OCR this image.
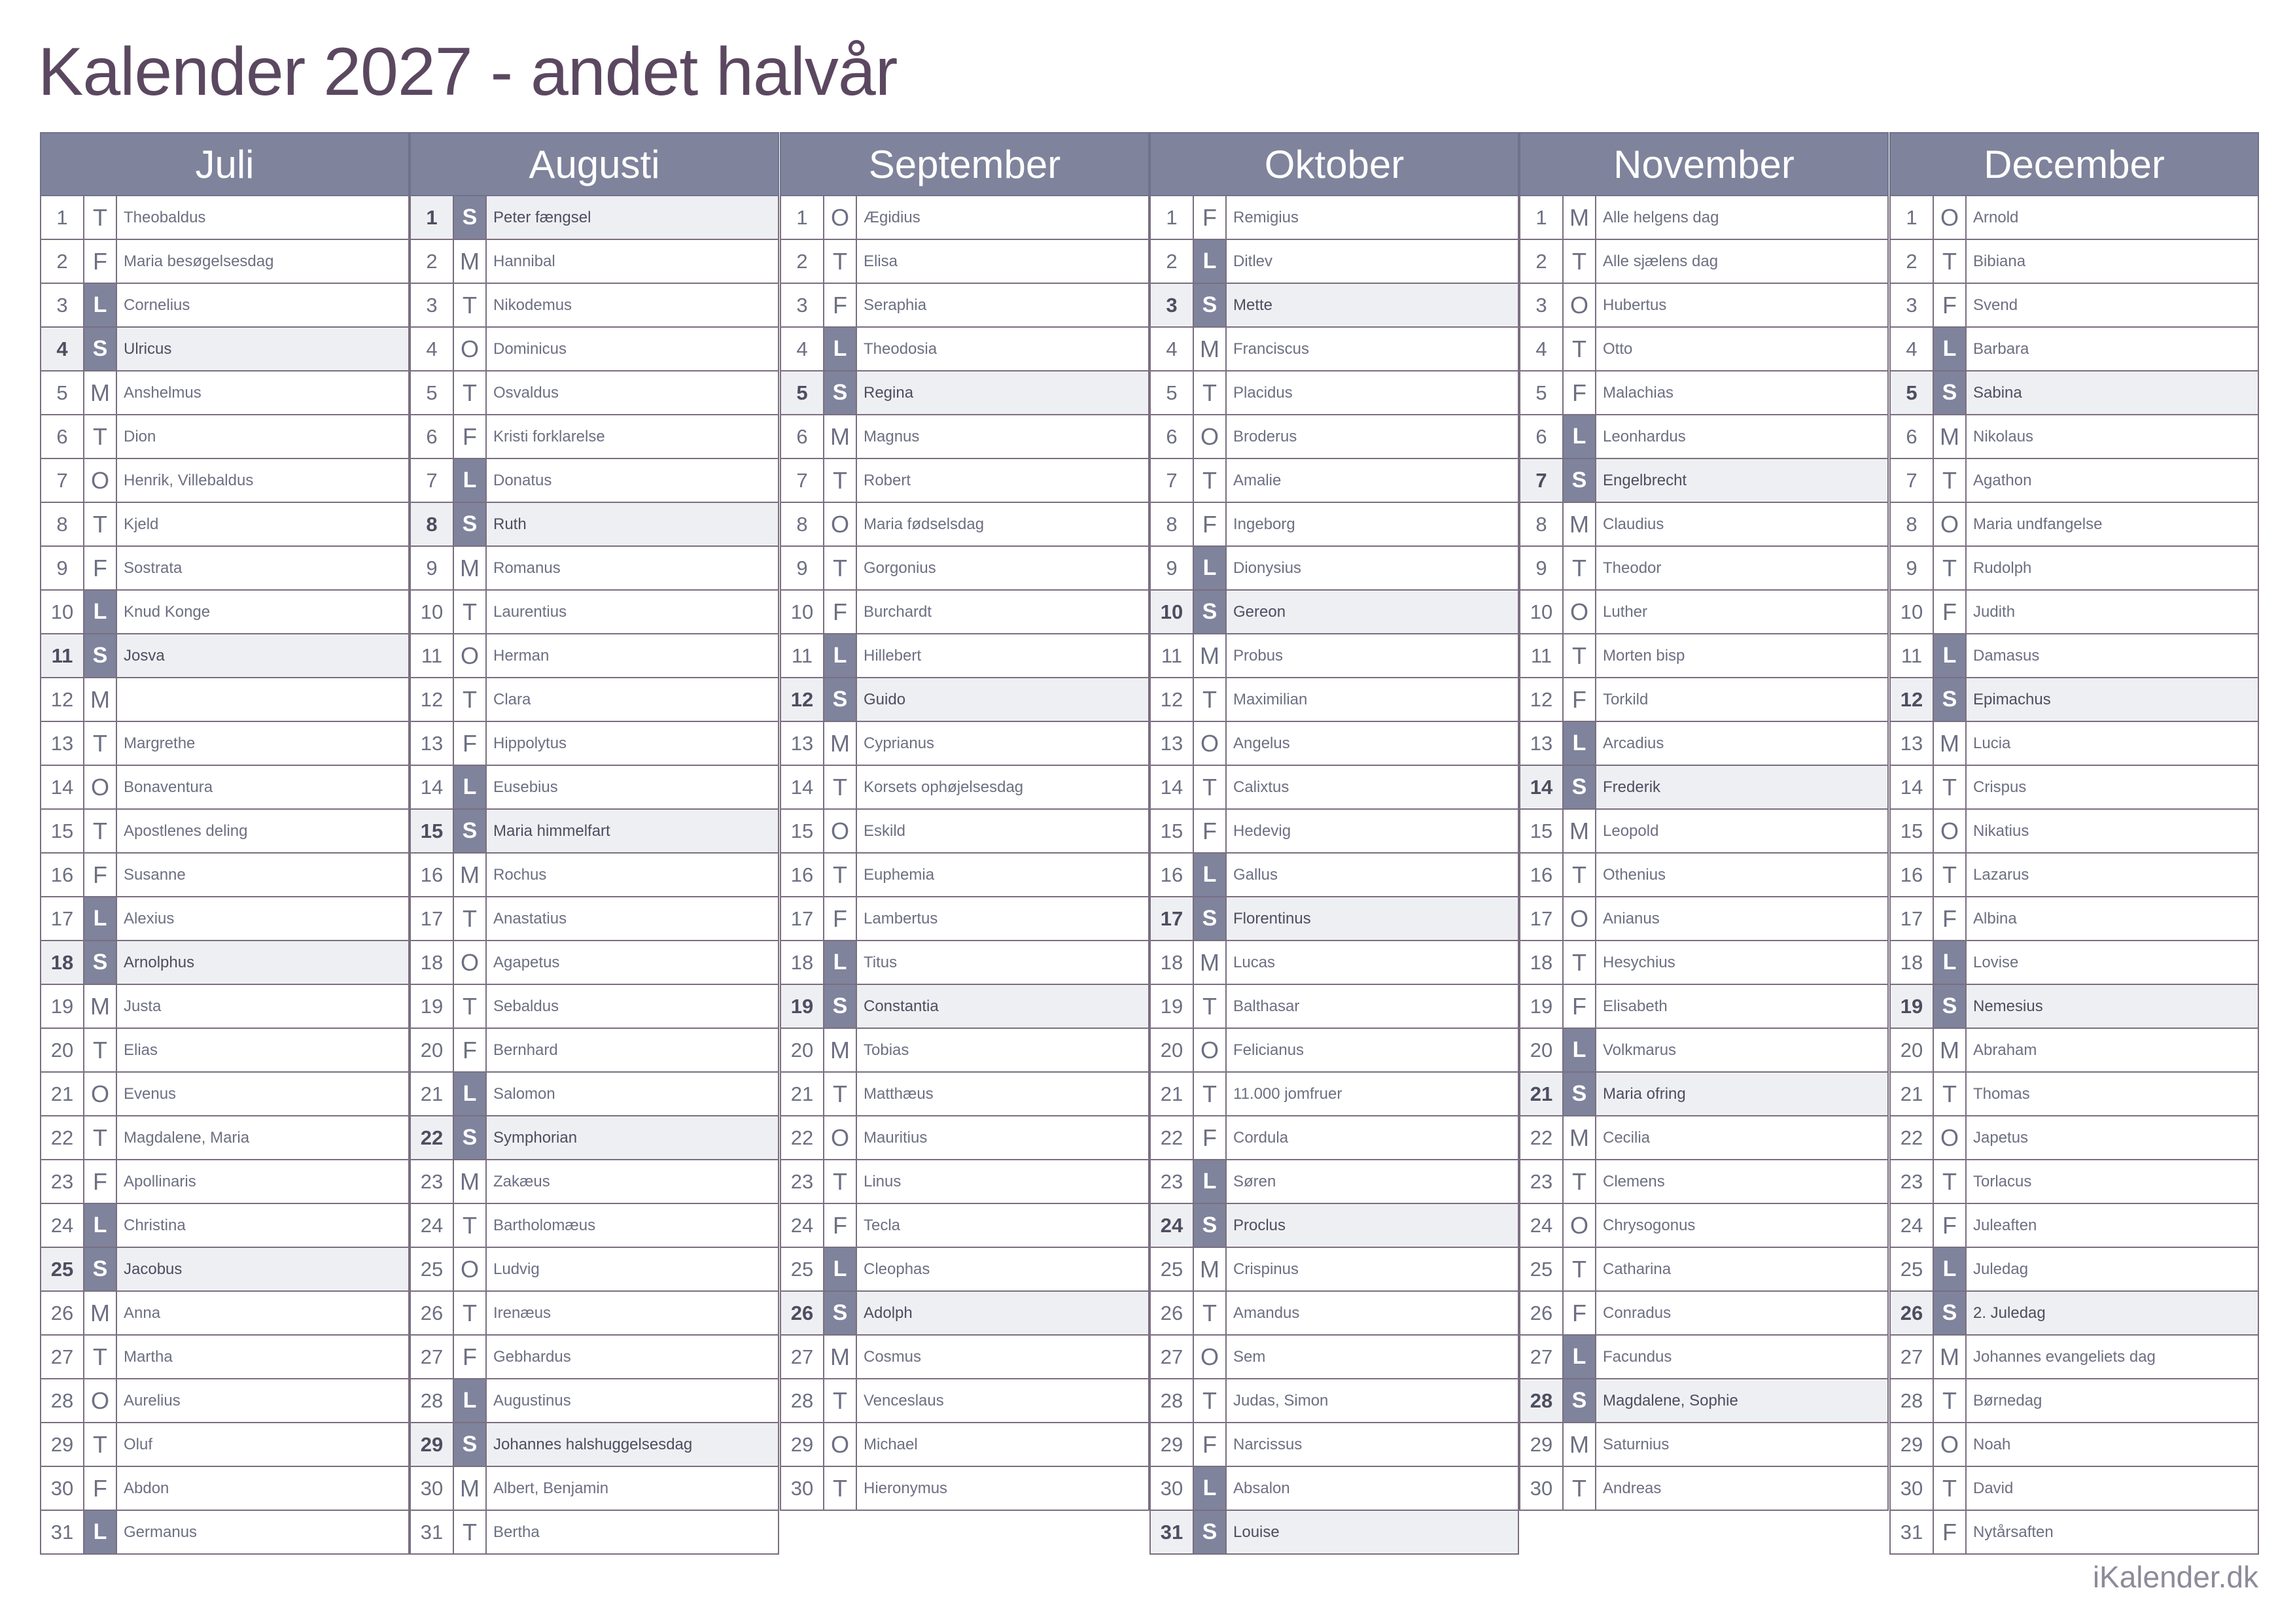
Kalender 2027 - andet halvår
Juli
1	T	Theobaldus
2	F	Maria besøgelsesdag
3	L	Cornelius
4	S	Ulricus
5 M Anshelmus
6	T	Dion
7 O Henrik, Villebaldus
8	T	Kjeld
9	F	Sostrata
10 L	Knud Konge
11 S	Josva
12 M
13 T	Margrethe
14 O Bonaventura
15 T	Apostlenes deling
16 F	Susanne
17 L	Alexius
18 S	Arnolphus
19 M Justa
20 T	Elias
21 O Evenus
22 T	Magdalene, Maria
23 F	Apollinaris
24 L	Christina
25 S	Jacobus
26 M Anna
27 T	Martha
28 O Aurelius
29 T	Oluf
30 F	Abdon
31 L	Germanus
Augusti
1	S	Peter fængsel
2 M Hannibal
3	T	Nikodemus
4 O Dominicus
5	T	Osvaldus
6	F	Kristi forklarelse
7	L	Donatus
8	S	Ruth
9 M Romanus
10 T	Laurentius
11 O Herman
12 T	Clara
13 F	Hippolytus
14 L	Eusebius
15 S	Maria himmelfart
16 M Rochus
17 T	Anastatius
18 O Agapetus
19 T	Sebaldus
20 F	Bernhard
21 L	Salomon
22 S	Symphorian
23 M Zakæus
24 T	Bartholomæus
25 O Ludvig
26 T	Irenæus
27 F	Gebhardus
28 L	Augustinus
29 S	Johannes halshuggelsesdag
30 M Albert, Benjamin
31 T	Bertha
September
1 O Ægidius
2	T	Elisa
3	F	Seraphia
4	L	Theodosia
5	S	Regina
6 M Magnus
7	T	Robert
8 O Maria fødselsdag
9	T	Gorgonius
10 F	Burchardt
11 L	Hillebert
12 S	Guido
13 M Cyprianus
14 T	Korsets ophøjelsesdag
15 O Eskild
16 T	Euphemia
17 F	Lambertus
18 L	Titus
19 S	Constantia
20 M Tobias
21 T	Matthæus
22 O Mauritius
23 T	Linus
24 F	Tecla
25 L	Cleophas
26 S	Adolph
27 M Cosmus
28 T	Venceslaus
29 O Michael
30 T	Hieronymus
Oktober
1	F	Remigius
2	L	Ditlev
3	S	Mette
4 M Franciscus
5	T	Placidus
6 O Broderus
7	T	Amalie
8	F	Ingeborg
9	L	Dionysius
10 S	Gereon
11 M Probus
12 T	Maximilian
13 O Angelus
14 T	Calixtus
15 F	Hedevig
16 L	Gallus
17 S	Florentinus
18 M Lucas
19 T	Balthasar
20 O Felicianus
21 T	11.000 jomfruer
22 F	Cordula
23 L	Søren
24 S	Proclus
25 M Crispinus
26 T	Amandus
27 O Sem
28 T	Judas, Simon
29 F	Narcissus
30 L	Absalon
31 S	Louise
November
1 M Alle helgens dag
2	T	Alle sjælens dag
3 O Hubertus
4	T	Otto
5	F	Malachias
6	L	Leonhardus
7	S	Engelbrecht
8 M Claudius
9	T	Theodor
10 O Luther
11 T	Morten bisp
12 F	Torkild
13 L	Arcadius
14 S	Frederik
15 M Leopold
16 T	Othenius
17 O Anianus
18 T	Hesychius
19 F	Elisabeth
20 L	Volkmarus
21 S	Maria ofring
22 M Cecilia
23 T	Clemens
24 O Chrysogonus
25 T	Catharina
26 F	Conradus
27 L	Facundus
28 S	Magdalene, Sophie
29 M Saturnius
30 T	Andreas
December
1 O Arnold
2	T	Bibiana
3	F	Svend
4	L	Barbara
5	S	Sabina
6 M Nikolaus
7	T	Agathon
8 O Maria undfangelse
9	T	Rudolph
10 F	Judith
11 L	Damasus
12 S	Epimachus
13 M Lucia
14 T	Crispus
15 O Nikatius
16 T	Lazarus
17 F	Albina
18 L	Lovise
19 S	Nemesius
20 M Abraham
21 T	Thomas
22 O Japetus
23 T	Torlacus
24 F	Juleaften
25 L	Juledag
26 S	2. Juledag
27 M Johannes evangeliets dag
28 T	Børnedag
29 O Noah
30 T	David
31 F	Nytårsaften
iKalender.dk
